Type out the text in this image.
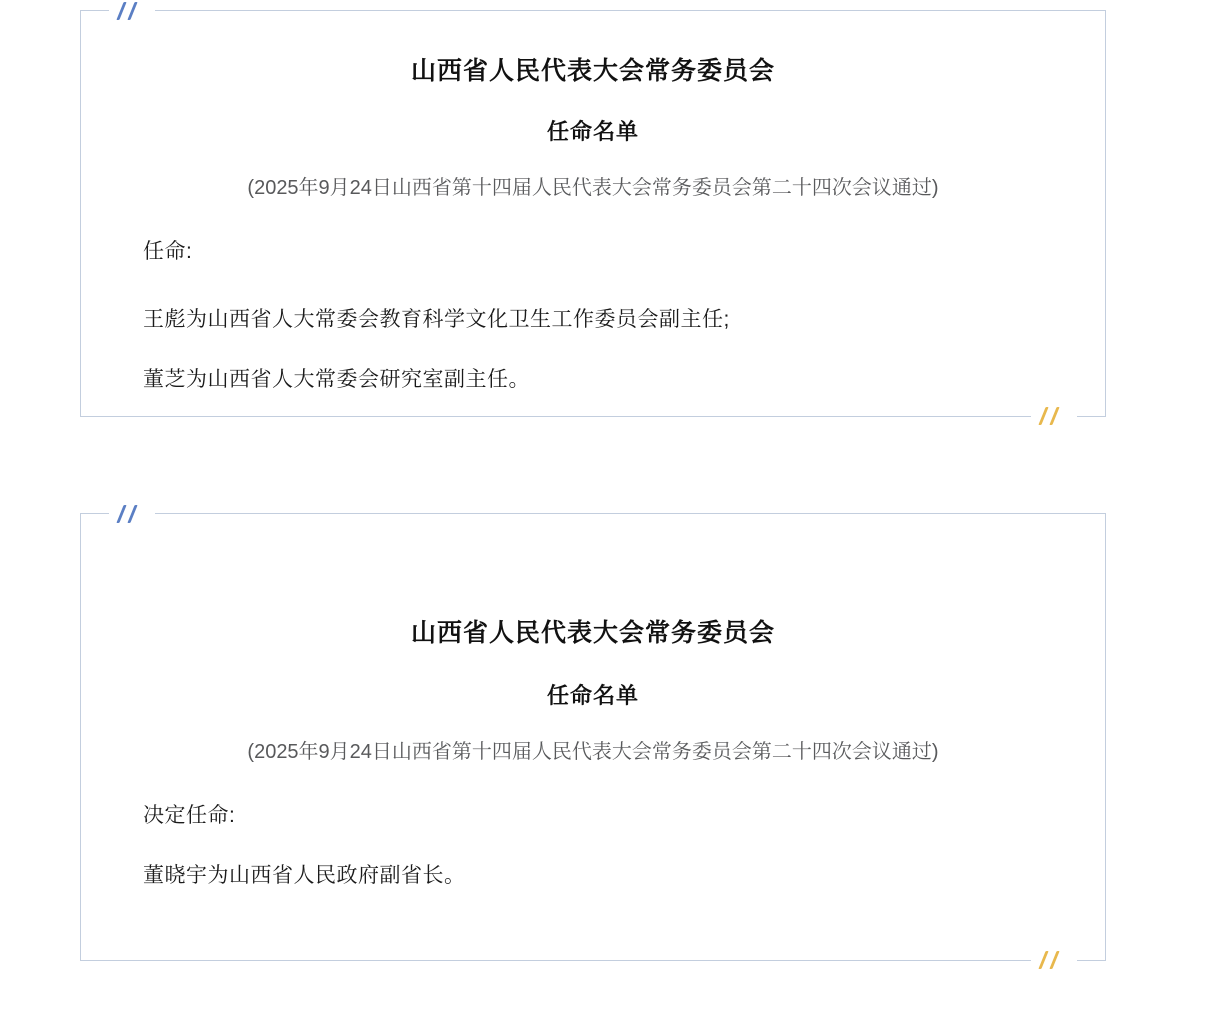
山西省人民代表大会常务委员会
任命名单
(2025年9月24日山西省第十四届人民代表大会常务委员会第二十四次会议通过)
任命:
王彪为山西省人大常委会教育科学文化卫生工作委员会副主任;
董芝为山西省人大常委会研究室副主任。
山西省人民代表大会常务委员会
任命名单
(2025年9月24日山西省第十四届人民代表大会常务委员会第二十四次会议通过)
决定任命:
董晓宇为山西省人民政府副省长。
